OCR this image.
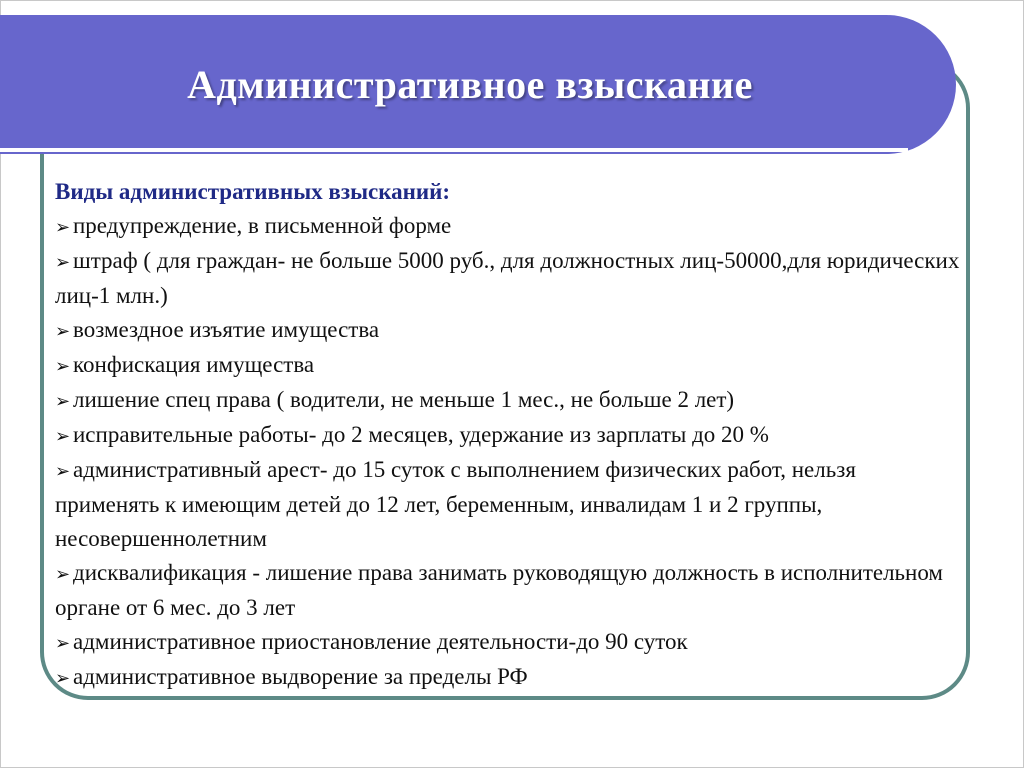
Административное взыскание
Виды административных взысканий:
➢ предупреждение, в письменной форме
➢ штраф ( для граждан- не больше 5000 руб., для должностных лиц-50000,для юридических лиц-1 млн.)
➢ возмездное изъятие имущества
➢ конфискация имущества
➢ лишение спец права ( водители, не меньше 1 мес., не больше 2 лет)
➢ исправительные работы- до 2 месяцев, удержание из зарплаты до 20 %
➢ административный арест- до 15 суток с выполнением физических работ, нельзя применять к имеющим детей до 12 лет, беременным, инвалидам 1 и 2 группы, несовершеннолетним
➢ дисквалификация - лишение права занимать руководящую должность в исполнительном органе от 6 мес. до 3 лет
➢ административное приостановление деятельности-до 90 суток
➢ административное выдворение за пределы РФ
